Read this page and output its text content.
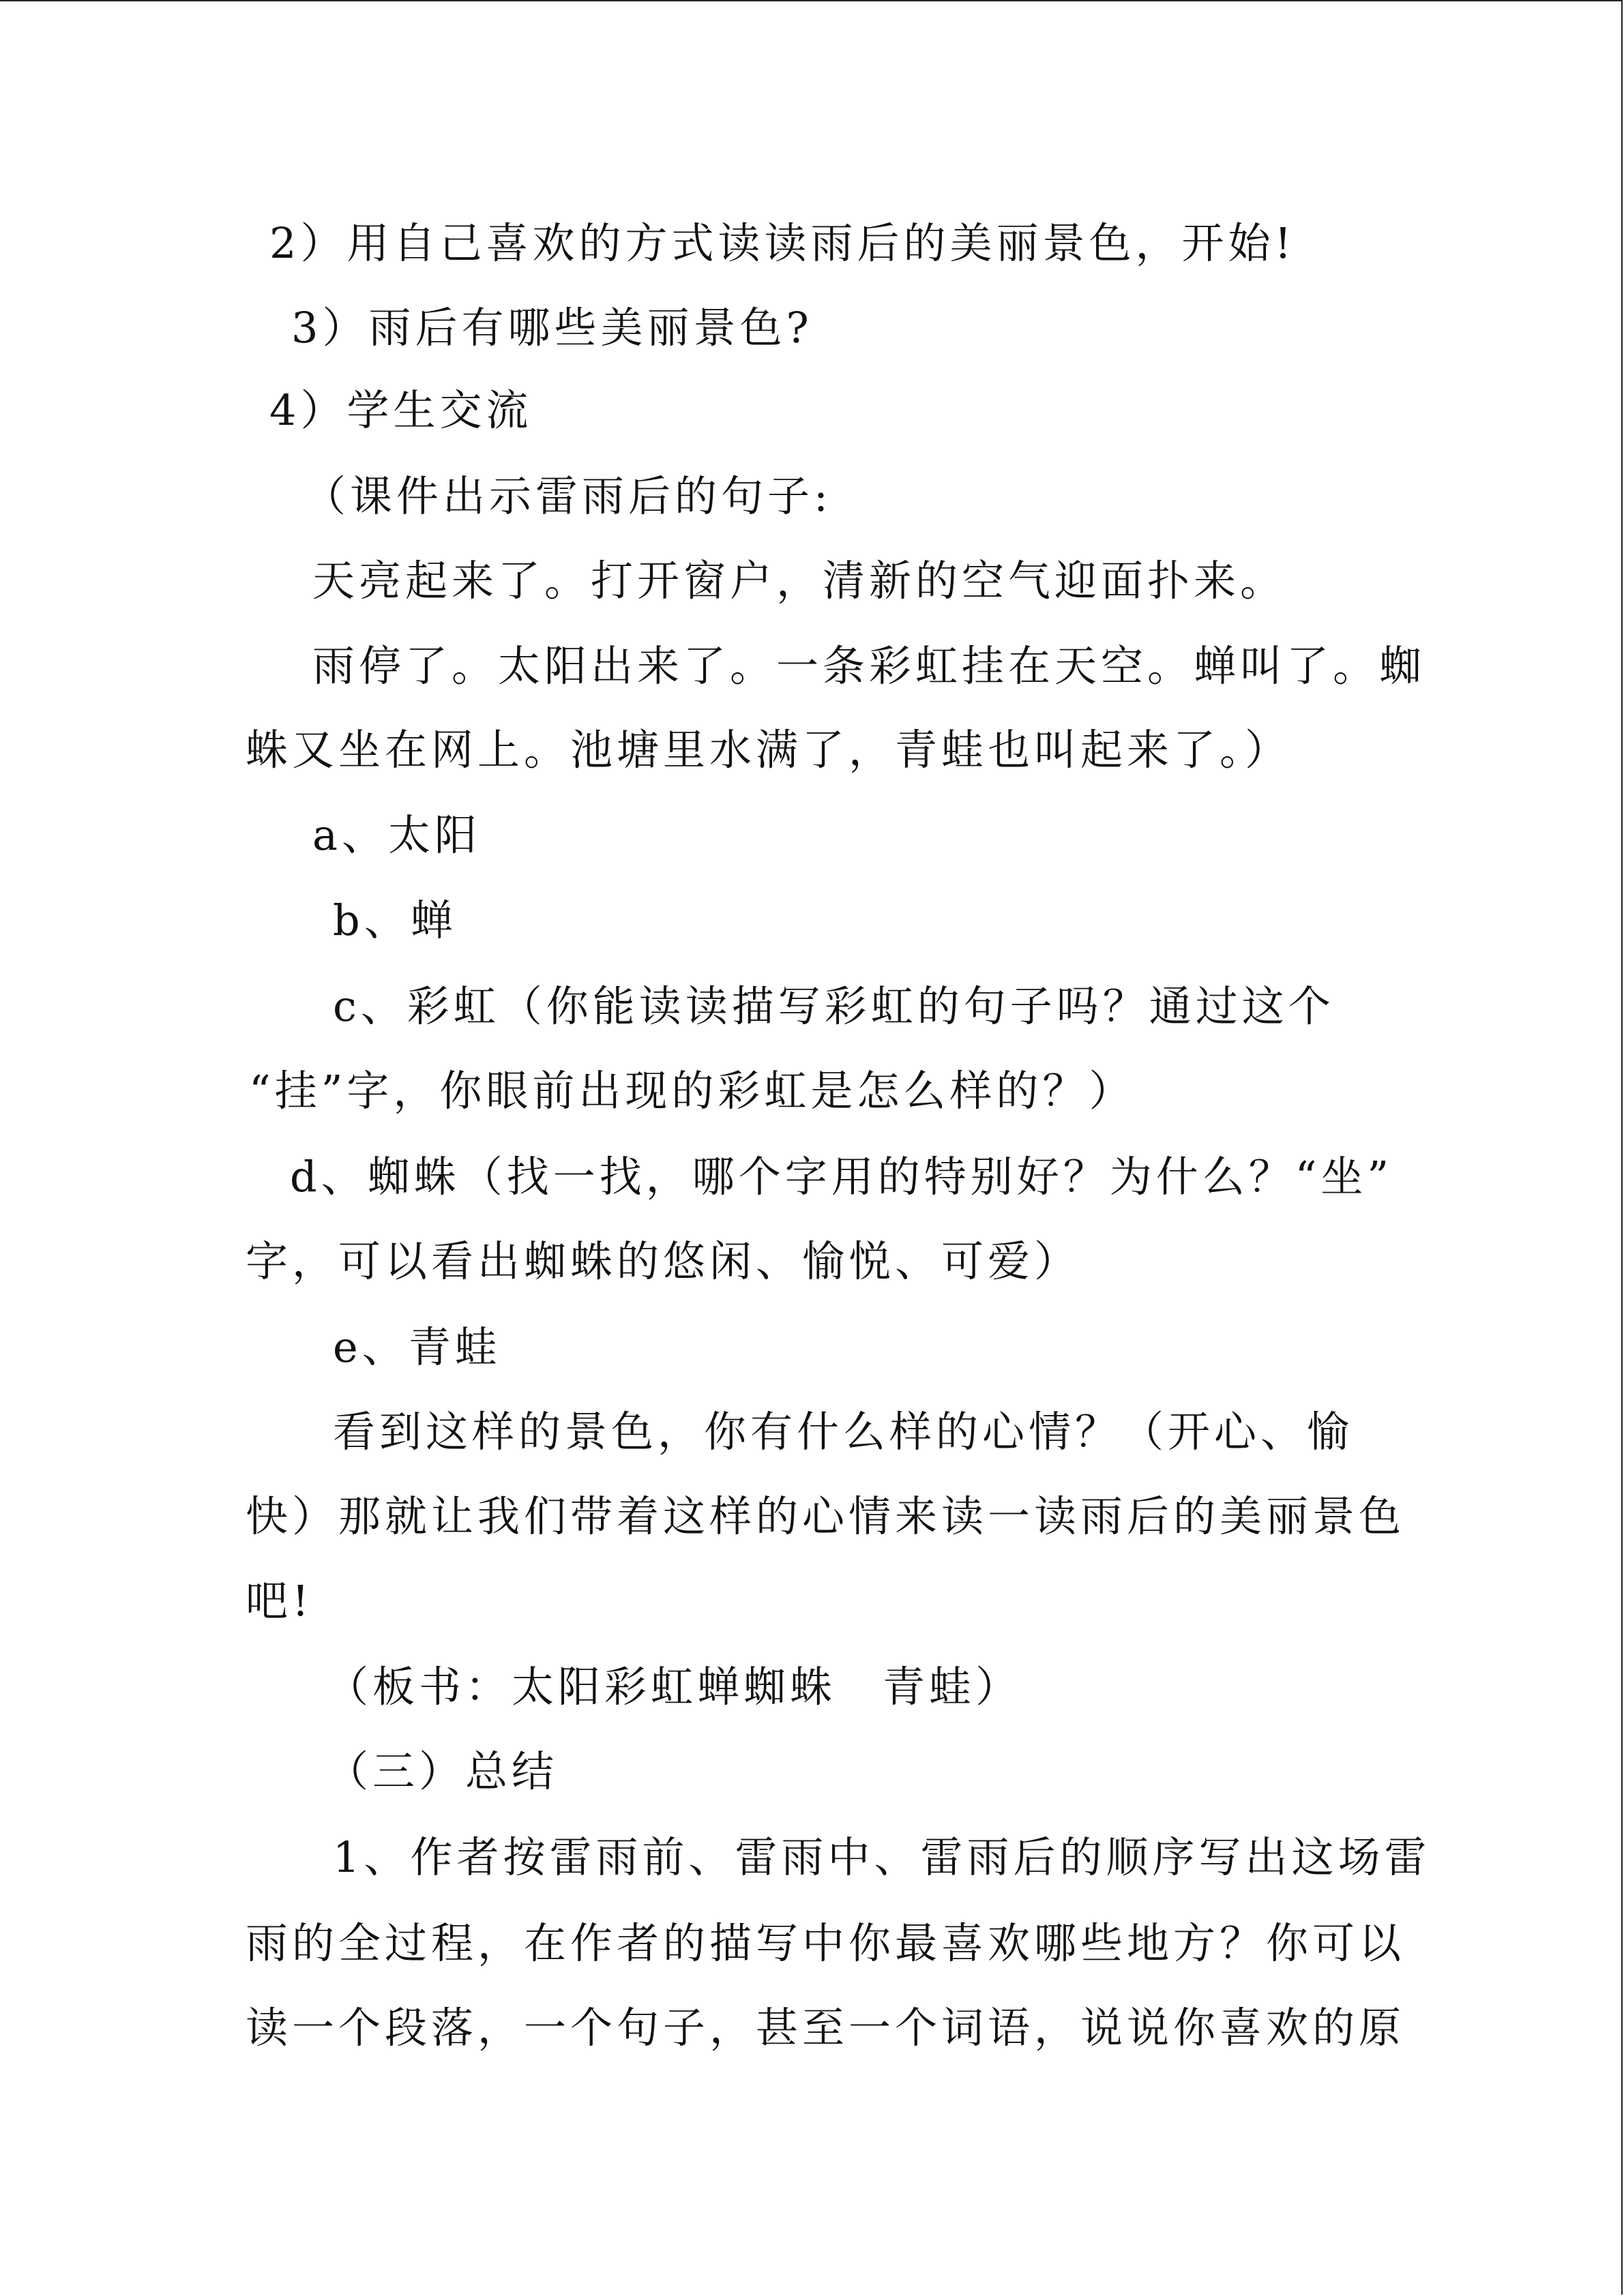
2）用自己喜欢的方式读读雨后的美丽景色，开始!
3）雨后有哪些美丽景色?
4）学生交流
（课件出示雷雨后的句子:
天亮起来了。打开窗户，清新的空气迎面扑来。
雨停了。太阳出来了。一条彩虹挂在天空。蝉叫了。蜘
蛛又坐在网上。池塘里水满了，青蛙也叫起来了。）
a、太阳
b、蝉
c、彩虹（你能读读描写彩虹的句子吗？通过这个
“挂”字，你眼前出现的彩虹是怎么样的？）
d、蜘蛛（找一找，哪个字用的特别好？为什么？“坐”
字，可以看出蜘蛛的悠闲、愉悦、可爱）
e、青蛙
看到这样的景色，你有什么样的心情？（开心、愉
快）那就让我们带着这样的心情来读一读雨后的美丽景色
吧!
（板书：太阳彩虹蝉蜘蛛　青蛙）
（三）总结
1、作者按雷雨前、雷雨中、雷雨后的顺序写出这场雷
雨的全过程，在作者的描写中你最喜欢哪些地方？你可以
读一个段落，一个句子，甚至一个词语，说说你喜欢的原
